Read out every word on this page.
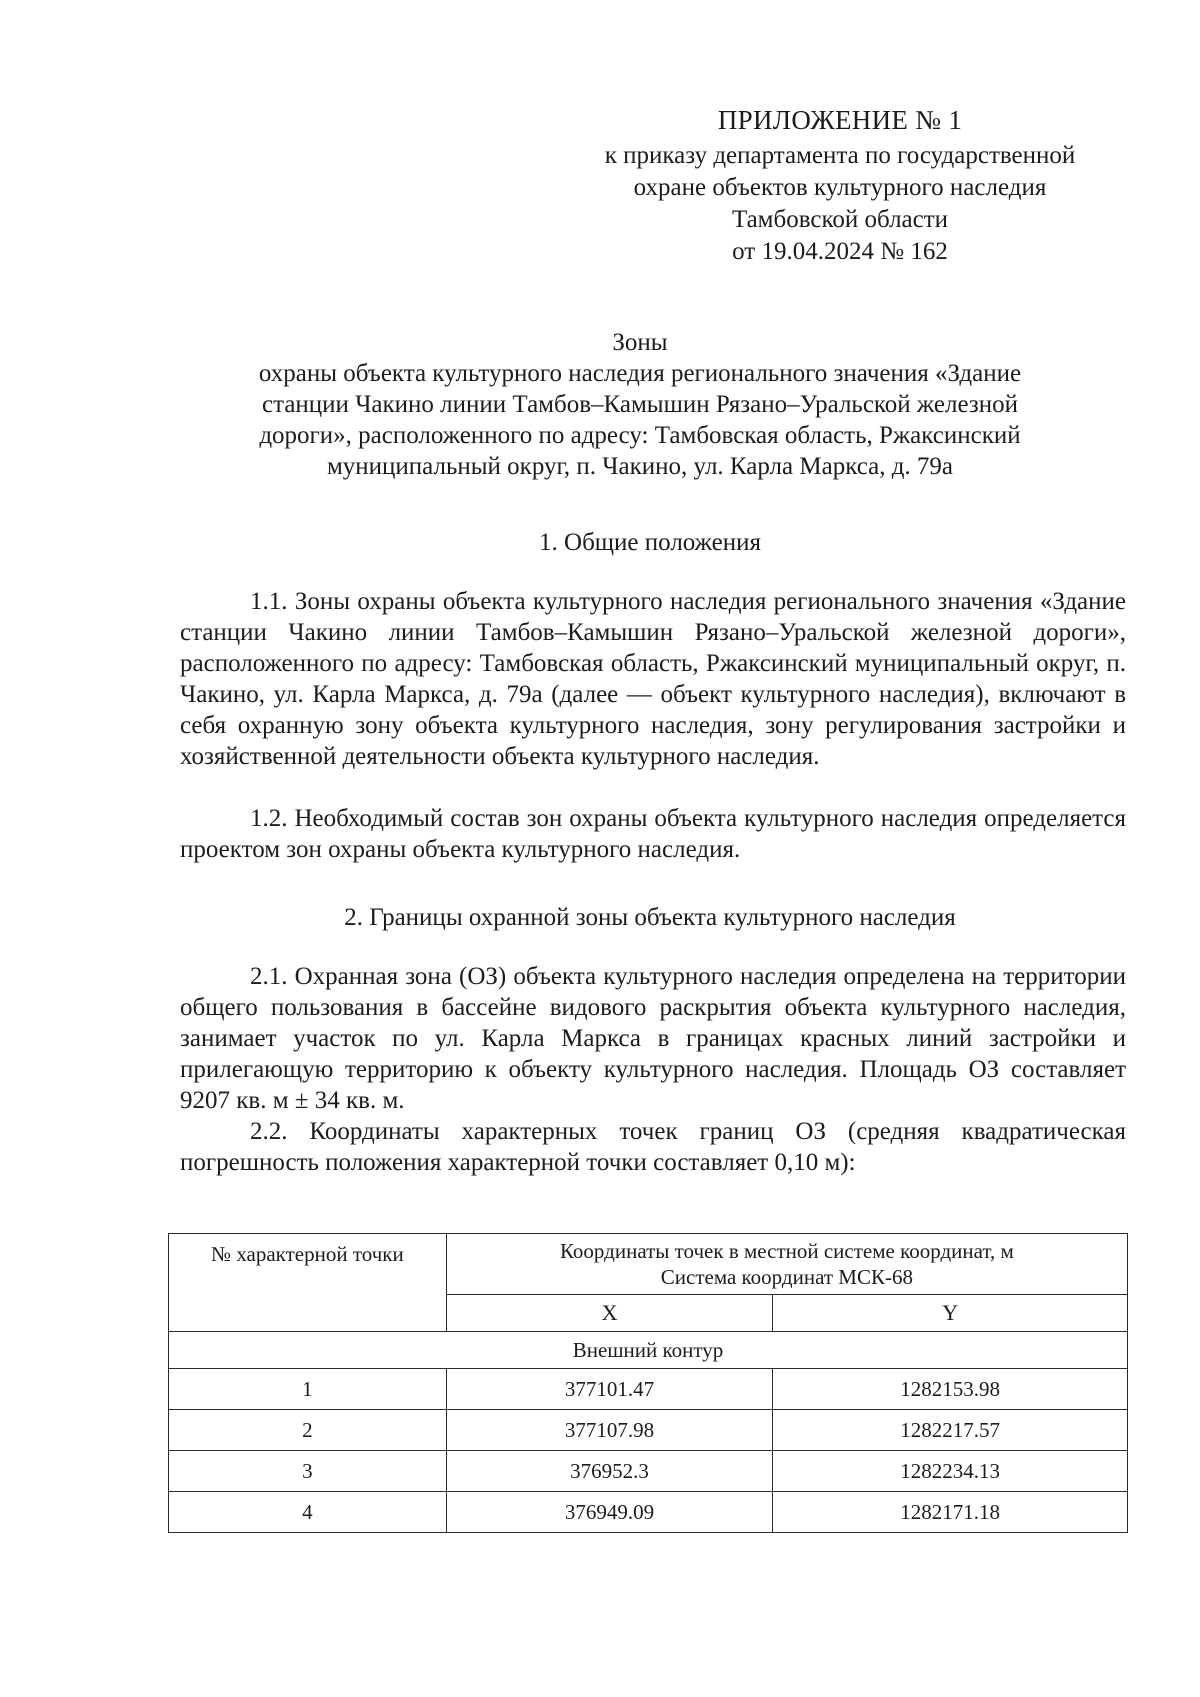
ПРИЛОЖЕНИЕ № 1
к приказу департамента по государственной
охране объектов культурного наследия
Тамбовской области
от 19.04.2024 № 162
Зоны
охраны объекта культурного наследия регионального значения «Здание
станции Чакино линии Тамбов–Камышин Рязано–Уральской железной
дороги», расположенного по адресу: Тамбовская область, Ржаксинский
муниципальный округ, п. Чакино, ул. Карла Маркса, д. 79а
1. Общие положения

1.1. Зоны охраны объекта культурного наследия регионального значения «Здание станции Чакино линии Тамбов–Камышин Рязано–Уральской железной дороги», расположенного по адресу: Тамбовская область, Ржаксинский муниципальный округ, п. Чакино, ул. Карла Маркса, д. 79а (далее — объект культурного наследия), включают в себя охранную зону объекта культурного наследия, зону регулирования застройки и хозяйственной деятельности объекта культурного наследия.

1.2. Необходимый состав зон охраны объекта культурного наследия определяется проектом зон охраны объекта культурного наследия.

2. Границы охранной зоны объекта культурного наследия

2.1. Охранная зона (ОЗ) объекта культурного наследия определена на территории общего пользования в бассейне видового раскрытия объекта культурного наследия, занимает участок по ул. Карла Маркса в границах красных линий застройки и прилегающую территорию к объекту культурного наследия. Площадь ОЗ составляет 9207 кв. м ± 34 кв. м.

2.2. Координаты характерных точек границ ОЗ (средняя квадратическая погрешность положения характерной точки составляет 0,10 м):

№ характерной точки	Координаты точек в местной системе координат, м
Система координат МСК-68	

	X	Y
Внешний контур		
1	377101.47	1282153.98
2	377107.98	1282217.57
3	376952.3	1282234.13
4	376949.09	1282171.18
